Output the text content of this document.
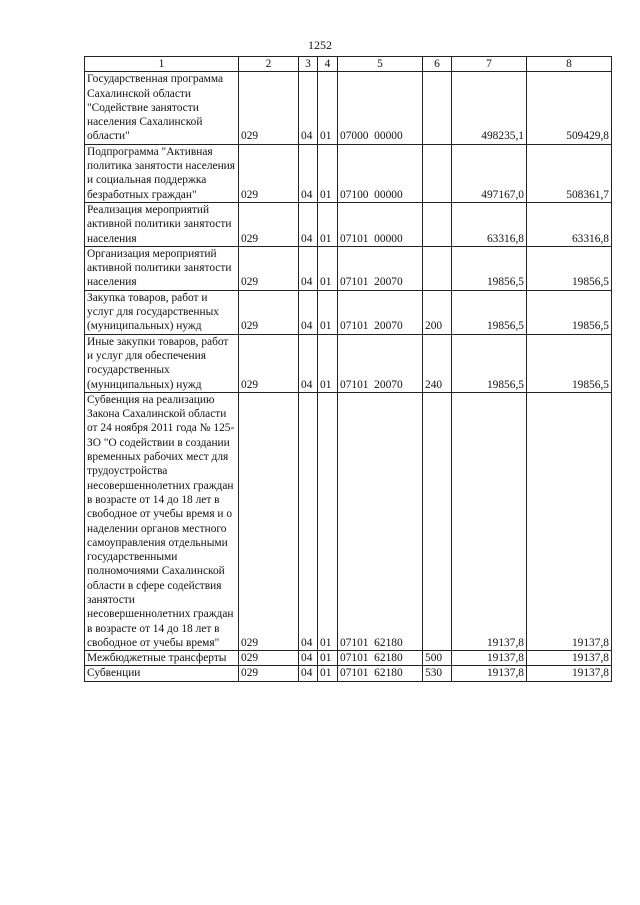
1252
1	2	3	4	5	6	7	8
Государственная программа Сахалинской области "Содействие занятости населения Сахалинской области"	029	04	01	07000  00000		498235,1	509429,8
Подпрограмма "Активная политика занятости населения и социальная поддержка безработных граждан"	029	04	01	07100  00000		497167,0	508361,7
Реализация мероприятий активной политики занятости населения	029	04	01	07101  00000		63316,8	63316,8
Организация мероприятий активной политики занятости населения	029	04	01	07101  20070		19856,5	19856,5
Закупка товаров, работ и услуг для государственных (муниципальных) нужд	029	04	01	07101  20070	200	19856,5	19856,5
Иные закупки товаров, работ и услуг для обеспечения государственных (муниципальных) нужд	029	04	01	07101  20070	240	19856,5	19856,5
Субвенция на реализацию Закона Сахалинской области от 24 ноября 2011 года № 125-ЗО "О содействии в создании временных рабочих мест для трудоустройства несовершеннолетних граждан в возрасте от 14 до 18 лет в свободное от учебы время и о наделении органов местного самоуправления отдельными государственными полномочиями Сахалинской области в сфере содействия занятости несовершеннолетних граждан в возрасте от 14 до 18 лет в свободное от учебы время"	029	04	01	07101  62180		19137,8	19137,8
Межбюджетные трансферты	029	04	01	07101  62180	500	19137,8	19137,8
Субвенции	029	04	01	07101  62180	530	19137,8	19137,8
